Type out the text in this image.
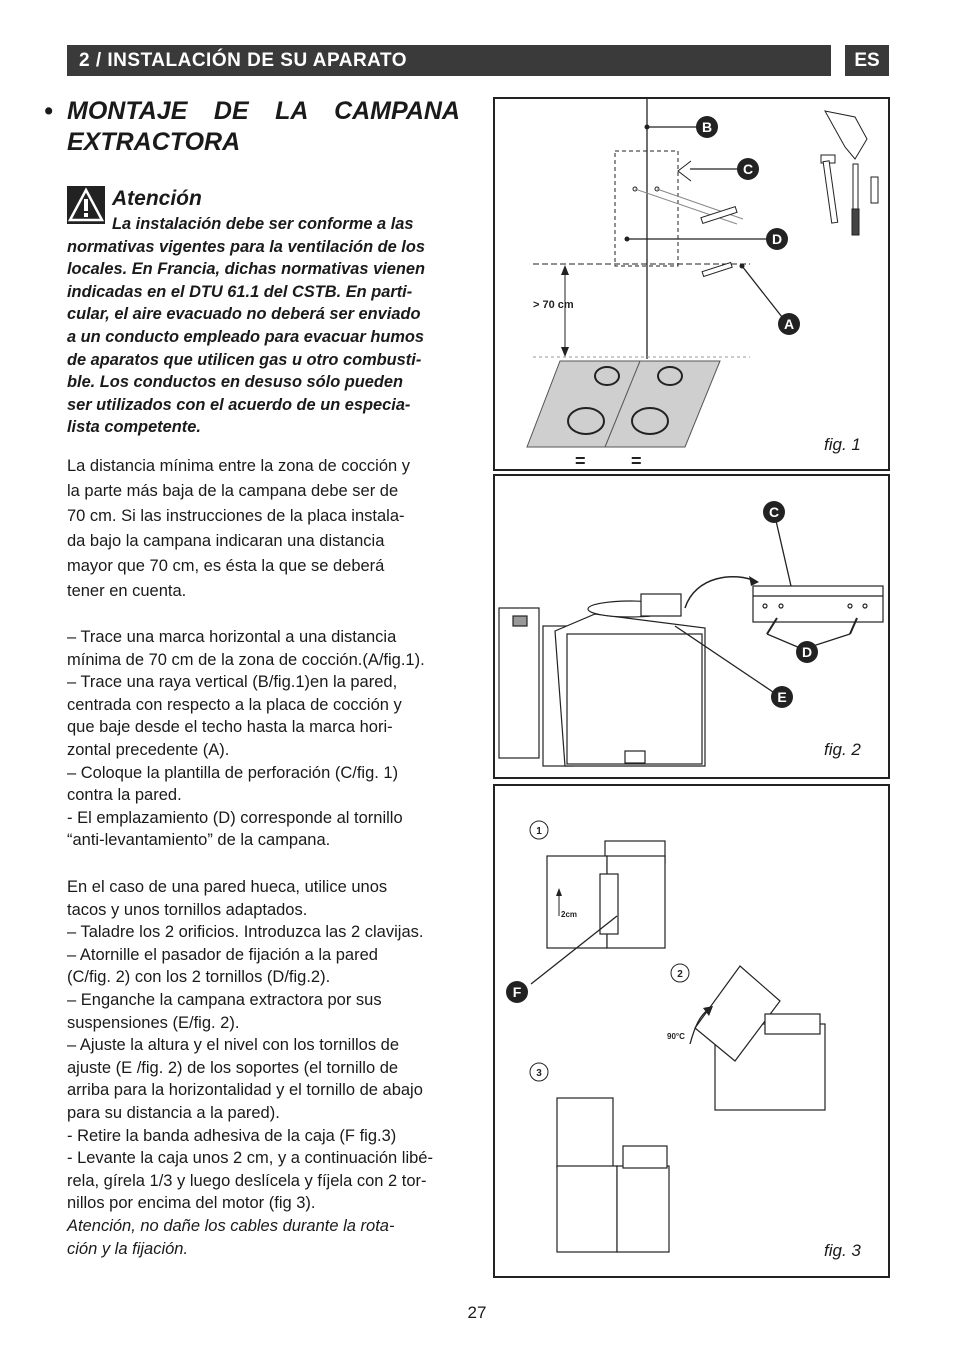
2 / INSTALACIÓN DE SU APARATO	ES
• MONTAJE DE LA CAMPANA
EXTRACTORA
Atención
La instalación debe ser conforme a las
normativas vigentes para la ventilación de los
locales. En Francia, dichas normativas vienen
indicadas en el DTU 61.1 del CSTB. En parti-
cular, el aire evacuado no deberá ser enviado
a un conducto empleado para evacuar humos
de aparatos que utilicen gas u otro combusti-
ble. Los conductos en desuso sólo pueden
ser utilizados con el acuerdo de un especia-
lista competente.
La distancia mínima entre la zona de cocción y
la parte más baja de la campana debe ser de
70 cm. Si las instrucciones de la placa instala-
da bajo la campana indicaran una distancia
mayor que 70 cm, es ésta la que se deberá
tener en cuenta.
– Trace una marca horizontal a una distancia
mínima de 70 cm de la zona de cocción.(A/fig.1).
– Trace una raya vertical (B/fig.1)en la pared,
centrada con respecto a la placa de cocción y
que baje desde el techo hasta la marca hori-
zontal precedente (A).
– Coloque la plantilla de perforación (C/fig. 1)
contra la pared.
- El emplazamiento (D) corresponde al tornillo
“anti-levantamiento” de la campana.
En el caso de una pared hueca, utilice unos
tacos y unos tornillos adaptados.
– Taladre los 2 orificios. Introduzca las 2 clavijas.
– Atornille el pasador de fijación a la pared
(C/fig. 2) con los 2 tornillos (D/fig.2).
– Enganche la campana extractora por sus
suspensiones (E/fig. 2).
– Ajuste la altura y el nivel con los tornillos de
ajuste (E /fig. 2) de los soportes (el tornillo de
arriba para la horizontalidad y el tornillo de abajo
para su distancia a la pared).
- Retire la banda adhesiva de la caja (F fig.3)
- Levante la caja unos 2 cm, y a continuación libé-
rela, gírela 1/3 y luego deslícela y fíjela con 2 tor-
nillos por encima del motor (fig 3).
Atención, no dañe los cables durante la rota-
ción y la fijación.
> 70 cm
=	=
B
C
D
A
fig. 1
C
D
E
fig. 2
1
2cm
2
90°C
3
F
fig. 3
27
